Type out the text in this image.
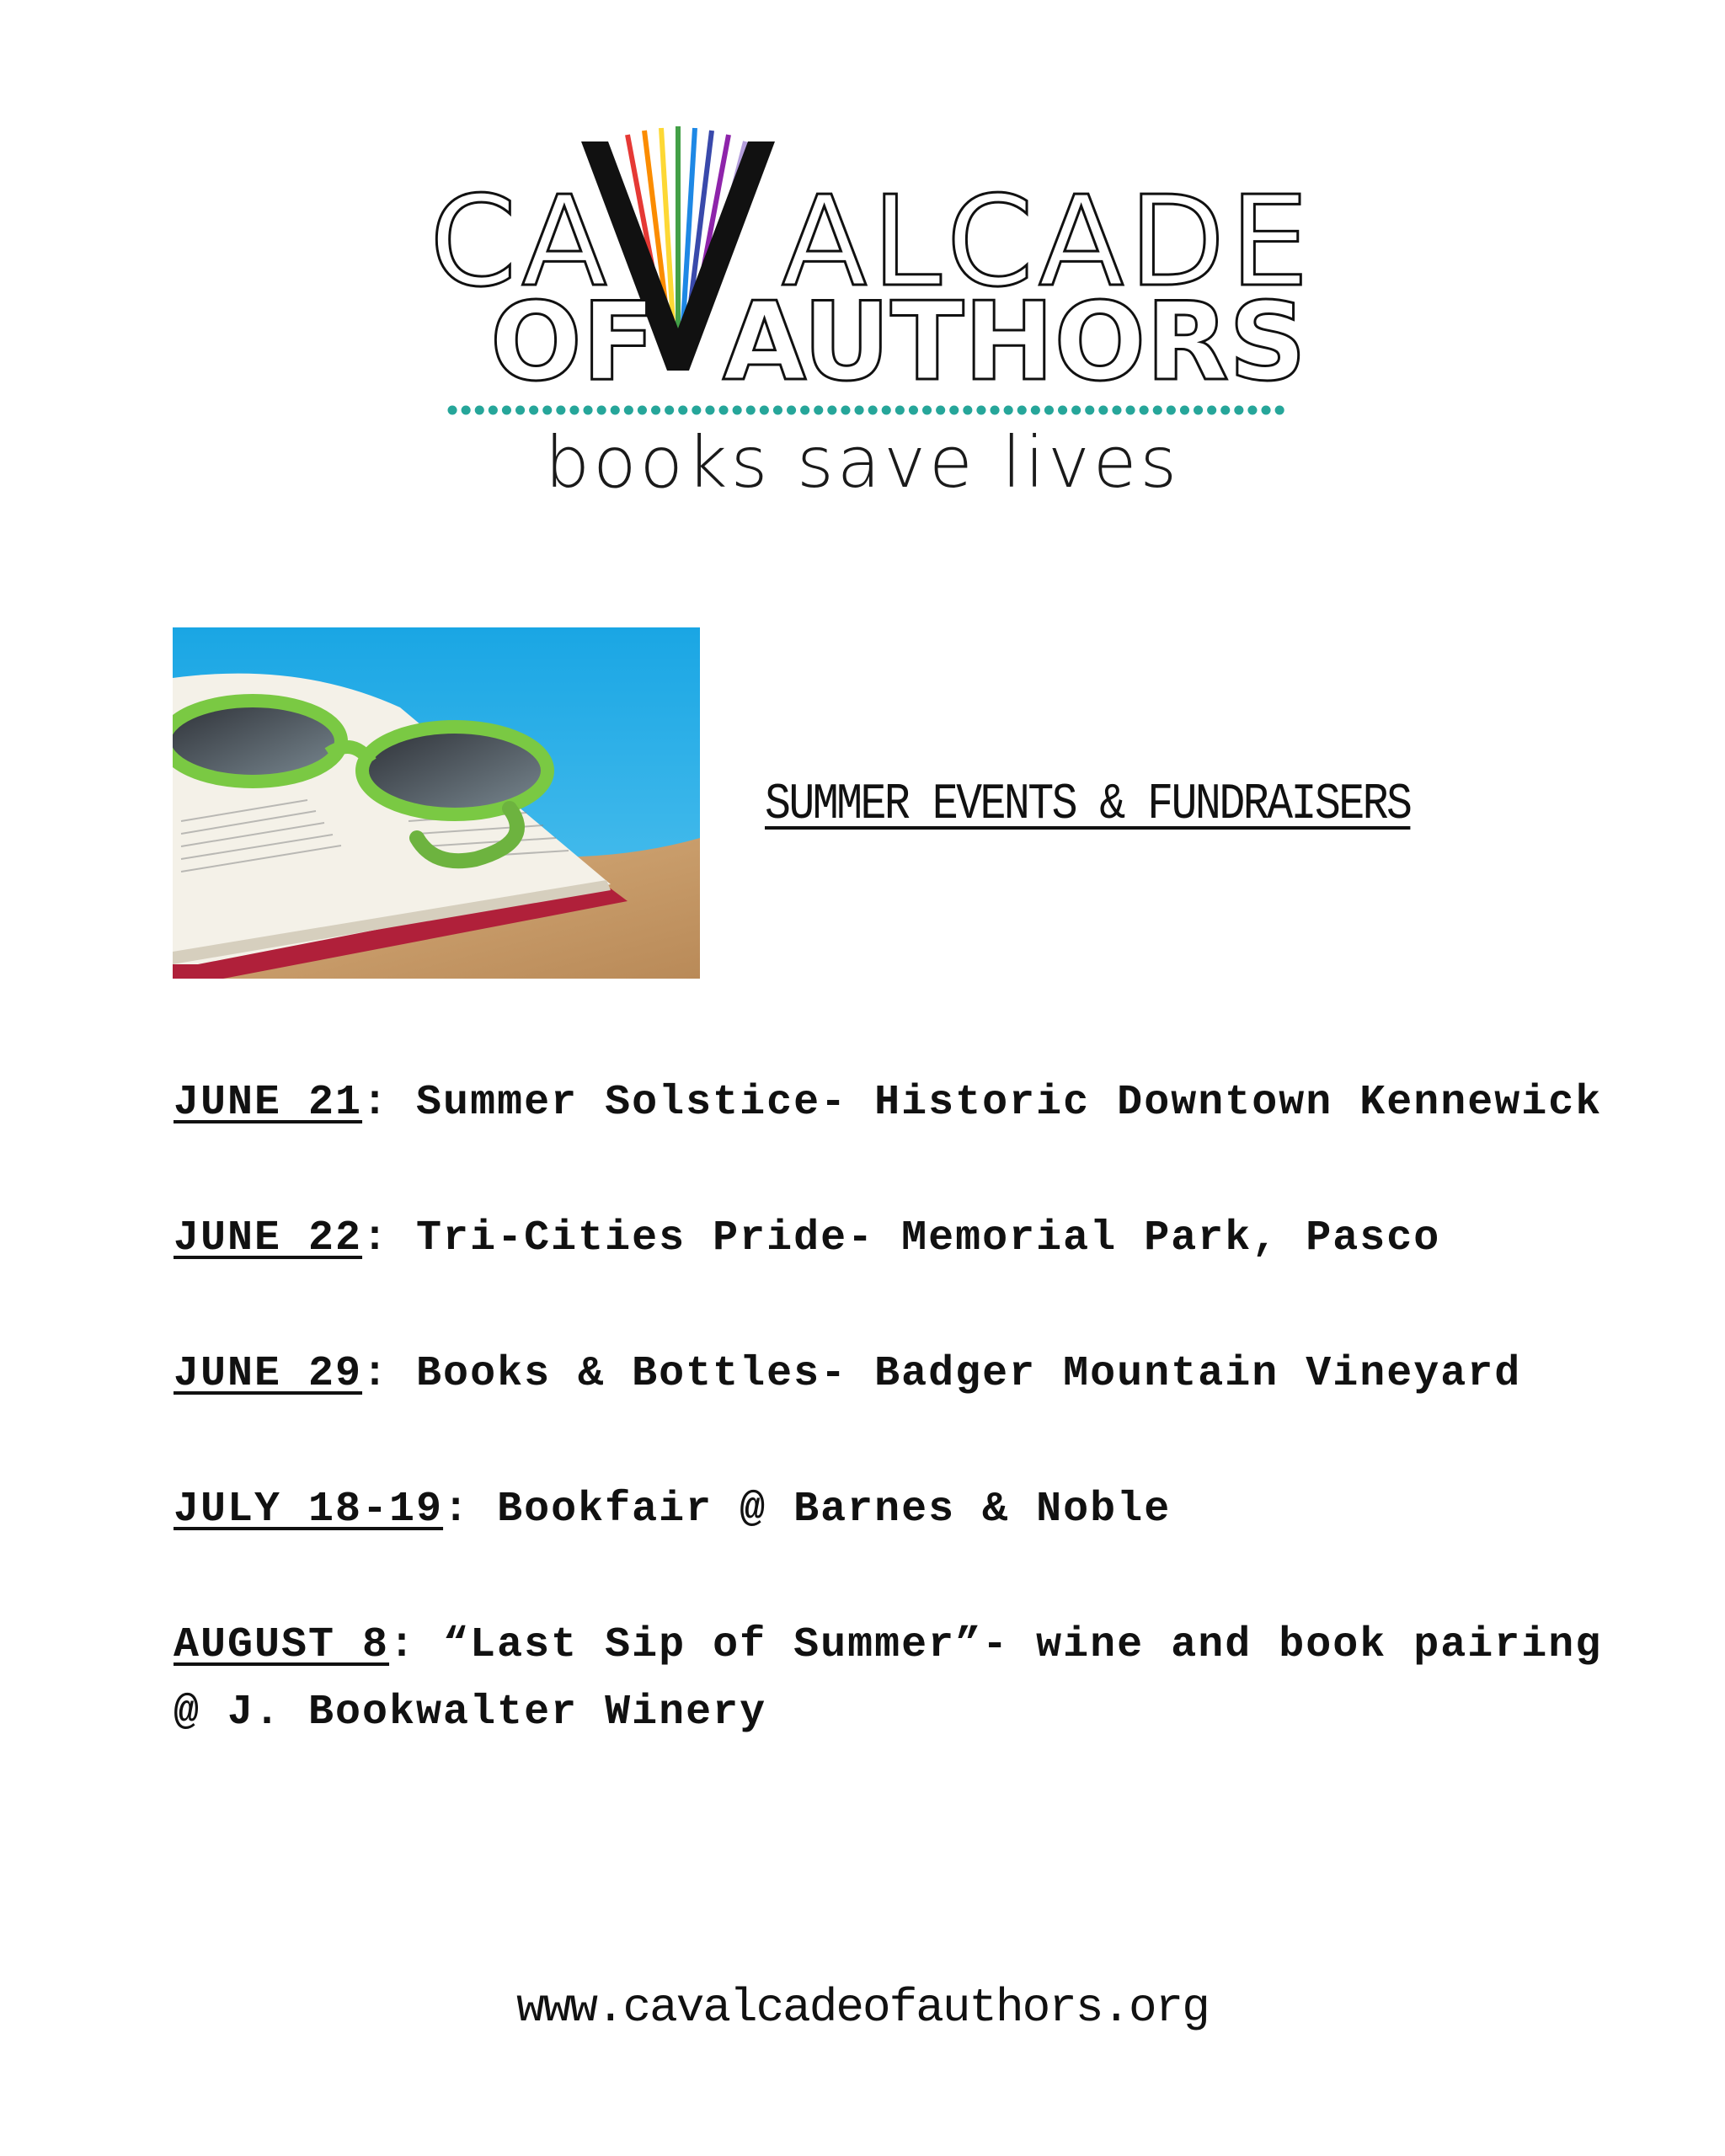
CA ALCADE
OF AUTHORS
books save lives
SUMMER EVENTS & FUNDRAISERS
JUNE 21: Summer Solstice- Historic Downtown Kennewick
JUNE 22: Tri-Cities Pride- Memorial Park, Pasco
JUNE 29: Books & Bottles- Badger Mountain Vineyard
JULY 18-19: Bookfair @ Barnes & Noble
AUGUST 8: “Last Sip of Summer”- wine and book pairing @ J. Bookwalter Winery
www.cavalcadeofauthors.org
